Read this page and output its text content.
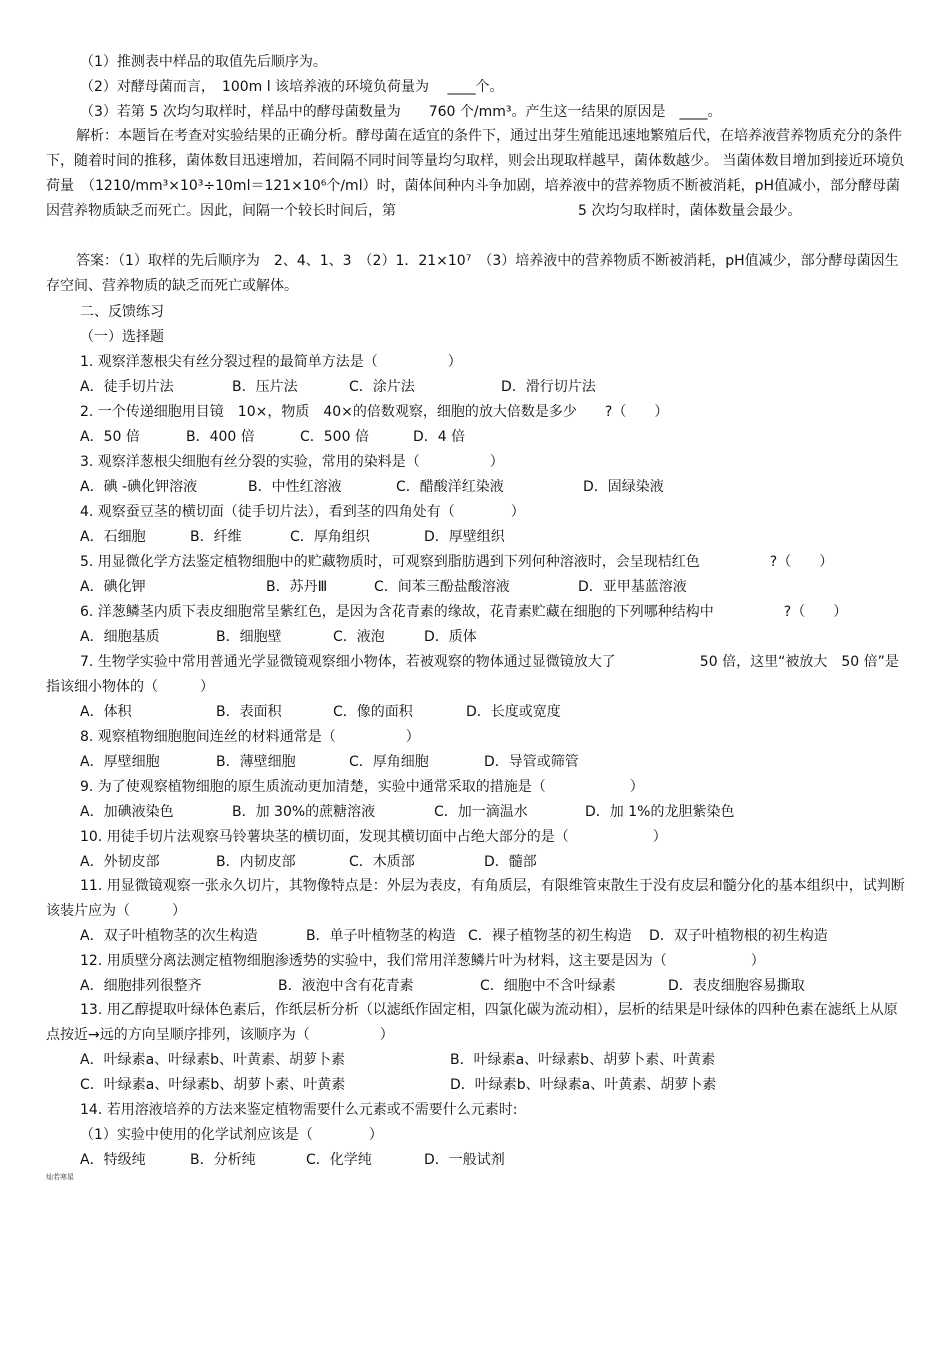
（1）推测表中样品的取值先后顺序为。
（2）对酵母菌而言，　100m l 该培养液的环境负荷量为　 ____个。
（3）若第 5 次均匀取样时，样品中的酵母菌数量为　　760 个/mm³。产生这一结果的原因是　____。
解析：本题旨在考查对实验结果的正确分析。酵母菌在适宜的条件下，通过出芽生殖能迅速地繁殖后代，在培养液营养物质充分的条件下，随着时间的推移，菌体数目迅速增加，若间隔不同时间等量均匀取样，则会出现取样越早，菌体数越少。 当菌体数目增加到接近环境负荷量　（1210/mm³×10³÷10ml＝121×10⁶个/ml）时，菌体间种内斗争加剧，培养液中的营养物质不断被消耗，pH值减小，部分酵母菌因营养物质缺乏而死亡。因此，间隔一个较长时间后，第　　　　　　　　　　　　　5 次均匀取样时，菌体数量会最少。
答案：（1）取样的先后顺序为　2、4、1、3　（2）1．21×10⁷　（3）培养液中的营养物质不断被消耗，pH值减少，部分酵母菌因生存空间、营养物质的缺乏而死亡或解体。
二、反馈练习
（一）选择题
1. 观察洋葱根尖有丝分裂过程的最简单方法是（　　　　　）
A．徒手切片法	B．压片法	C．涂片法	D．滑行切片法
2. 一个传递细胞用目镜　10×，物质　40×的倍数观察，细胞的放大倍数是多少　　?（　　）
A．50 倍	B．400 倍	C．500 倍	D．4 倍
3. 观察洋葱根尖细胞有丝分裂的实验，常用的染料是（　　　　　）
A．碘 -碘化钾溶液	B．中性红溶液	C．醋酸洋红染液	D．固绿染液
4. 观察蚕豆茎的横切面（徒手切片法），看到茎的四角处有（　　　　）
A．石细胞	B．纤维	C．厚角组织	D．厚壁组织
5. 用显微化学方法鉴定植物细胞中的贮藏物质时，可观察到脂肪遇到下列何种溶液时，会呈现桔红色　　　　　?（　　）
A．碘化钾	B．苏丹Ⅲ	C．间苯三酚盐酸溶液	D．亚甲基蓝溶液
6. 洋葱鳞茎内质下表皮细胞常呈紫红色，是因为含花青素的缘故，花青素贮藏在细胞的下列哪种结构中　　　　　?（　　）
A．细胞基质	B．细胞壁	C．液泡	D．质体
7. 生物学实验中常用普通光学显微镜观察细小物体，若被观察的物体通过显微镜放大了　　　　　　50 倍，这里“被放大　50 倍”是指该细小物体的（　　　）
A．体积	B．表面积	C．像的面积	D．长度或宽度
8. 观察植物细胞胞间连丝的材料通常是（　　　　　）
A．厚壁细胞	B．薄壁细胞	C．厚角细胞	D．导管或筛管
9. 为了使观察植物细胞的原生质流动更加清楚，实验中通常采取的措施是（　　　　　　）
A．加碘液染色	B．加 30%的蔗糖溶液	C．加一滴温水	D．加 1%的龙胆紫染色
10. 用徒手切片法观察马铃薯块茎的横切面，发现其横切面中占绝大部分的是（　　　　　　）
A．外韧皮部	B．内韧皮部	C．木质部	D．髓部
11. 用显微镜观察一张永久切片，其物像特点是：外层为表皮，有角质层，有限维管束散生于没有皮层和髓分化的基本组织中，试判断该装片应为（　　　）
A．双子叶植物茎的次生构造	B．单子叶植物茎的构造 C．裸子植物茎的初生构造 D．双子叶植物根的初生构造
12. 用质壁分离法测定植物细胞渗透势的实验中，我们常用洋葱鳞片叶为材料，这主要是因为（　　　　　　）
A．细胞排列很整齐	B．液泡中含有花青素	C．细胞中不含叶绿素	D．表皮细胞容易撕取
13. 用乙醇提取叶绿体色素后，作纸层析分析（以滤纸作固定相，四氯化碳为流动相），层析的结果是叶绿体的四种色素在滤纸上从原点按近→远的方向呈顺序排列，该顺序为（　　　　　）
A．叶绿素a、叶绿素b、叶黄素、胡萝卜素	B．叶绿素a、叶绿素b、胡萝卜素、叶黄素
C．叶绿素a、叶绿素b、胡萝卜素、叶黄素	D．叶绿素b、叶绿素a、叶黄素、胡萝卜素
14. 若用溶液培养的方法来鉴定植物需要什么元素或不需要什么元素时:
（1）实验中使用的化学试剂应该是（　　　　）
A．特级纯	B．分析纯	C．化学纯	D．一般试剂
灿若寒星
